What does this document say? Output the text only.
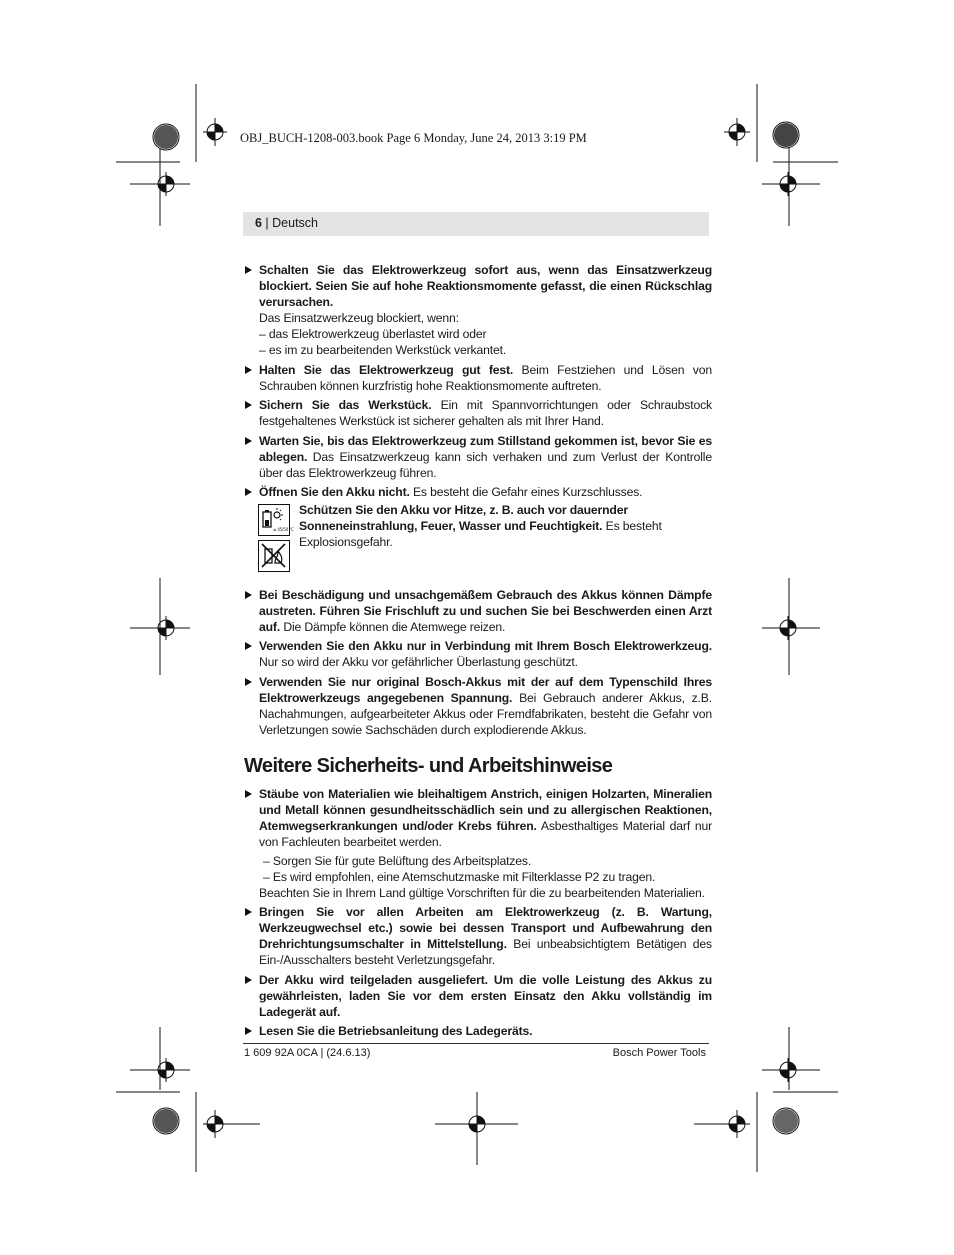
OBJ_BUCH-1208-003.book Page 6 Monday, June 24, 2013 3:19 PM
6 | Deutsch
Schalten Sie das Elektrowerkzeug sofort aus, wenn das Einsatzwerkzeug blockiert. Seien Sie auf hohe Reaktionsmomente gefasst, die einen Rückschlag verursachen.
Das Einsatzwerkzeug blockiert, wenn:
– das Elektrowerkzeug überlastet wird oder
– es im zu bearbeitenden Werkstück verkantet.
Halten Sie das Elektrowerkzeug gut fest. Beim Festziehen und Lösen von Schrauben können kurzfristig hohe Reaktionsmomente auftreten.
Sichern Sie das Werkstück. Ein mit Spannvorrichtungen oder Schraubstock festgehaltenes Werkstück ist sicherer gehalten als mit Ihrer Hand.
Warten Sie, bis das Elektrowerkzeug zum Stillstand gekommen ist, bevor Sie es ablegen. Das Einsatzwerkzeug kann sich verhaken und zum Verlust der Kontrolle über das Elektrowerkzeug führen.
Öffnen Sie den Akku nicht. Es besteht die Gefahr eines Kurzschlusses.
≤ 45/50 °C
Schützen Sie den Akku vor Hitze, z. B. auch vor dauernder Sonneneinstrahlung, Feuer, Wasser und Feuchtigkeit. Es besteht Explosionsgefahr.
Bei Beschädigung und unsachgemäßem Gebrauch des Akkus können Dämpfe austreten. Führen Sie Frischluft zu und suchen Sie bei Beschwerden einen Arzt auf. Die Dämpfe können die Atemwege reizen.
Verwenden Sie den Akku nur in Verbindung mit Ihrem Bosch Elektrowerkzeug. Nur so wird der Akku vor gefährlicher Überlastung geschützt.
Verwenden Sie nur original Bosch-Akkus mit der auf dem Typenschild Ihres Elektrowerkzeugs angegebenen Spannung. Bei Gebrauch anderer Akkus, z.B. Nachahmungen, aufgearbeiteter Akkus oder Fremdfabrikaten, besteht die Gefahr von Verletzungen sowie Sachschäden durch explodierende Akkus.
Weitere Sicherheits- und Arbeitshinweise
Stäube von Materialien wie bleihaltigem Anstrich, einigen Holzarten, Mineralien und Metall können gesundheitsschädlich sein und zu allergischen Reaktionen, Atemwegserkrankungen und/oder Krebs führen. Asbesthaltiges Material darf nur von Fachleuten bearbeitet werden.
– Sorgen Sie für gute Belüftung des Arbeitsplatzes.
– Es wird empfohlen, eine Atemschutzmaske mit Filterklasse P2 zu tragen.
Beachten Sie in Ihrem Land gültige Vorschriften für die zu bearbeitenden Materialien.
Bringen Sie vor allen Arbeiten am Elektrowerkzeug (z. B. Wartung, Werkzeugwechsel etc.) sowie bei dessen Transport und Aufbewahrung den Drehrichtungsumschalter in Mittelstellung. Bei unbeabsichtigtem Betätigen des Ein-/Ausschalters besteht Verletzungsgefahr.
Der Akku wird teilgeladen ausgeliefert. Um die volle Leistung des Akkus zu gewährleisten, laden Sie vor dem ersten Einsatz den Akku vollständig im Ladegerät auf.
Lesen Sie die Betriebsanleitung des Ladegeräts.
1 609 92A 0CA | (24.6.13)	Bosch Power Tools
